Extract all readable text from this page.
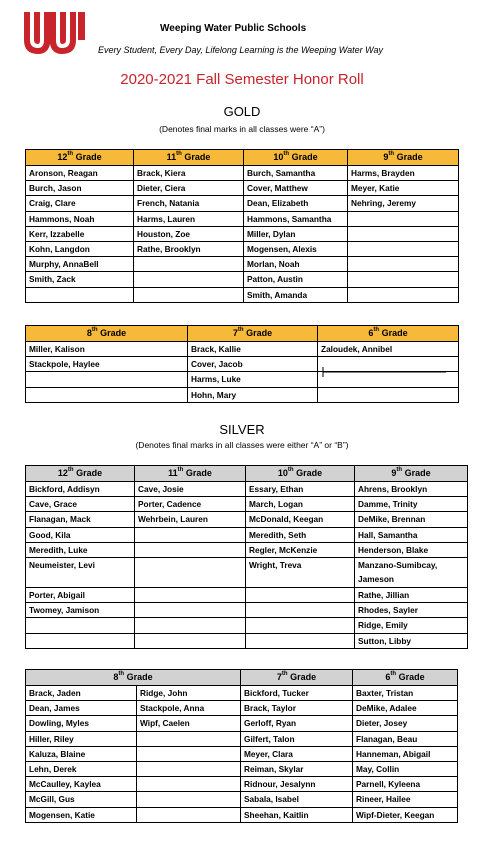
Weeping Water Public Schools
Every Student, Every Day, Lifelong Learning is the Weeping Water Way
2020-2021 Fall Semester Honor Roll
GOLD
(Denotes final marks in all classes were “A”)
12th Grade	11th Grade	10th Grade	9th Grade
Aronson, Reagan	Brack, Kiera	Burch, Samantha	Harms, Brayden
Burch, Jason	Dieter, Ciera	Cover, Matthew	Meyer, Katie
Craig, Clare	French, Natania	Dean, Elizabeth	Nehring, Jeremy
Hammons, Noah	Harms, Lauren	Hammons, Samantha	
Kerr, Izzabelle	Houston, Zoe	Miller, Dylan	
Kohn, Langdon	Rathe, Brooklyn	Mogensen, Alexis	
Murphy, AnnaBell		Morlan, Noah	
Smith, Zack		Patton, Austin	
		Smith, Amanda	
8th Grade	7th Grade	6th Grade
Miller, Kalison	Brack, Kallie	Zaloudek, Annibel
Stackpole, Haylee	Cover, Jacob	
	Harms, Luke	
	Hohn, Mary	
SILVER
(Denotes final marks in all classes were either “A” or “B”)
12th Grade	11th Grade	10th Grade	9th Grade
Bickford, Addisyn	Cave, Josie	Essary, Ethan	Ahrens, Brooklyn
Cave, Grace	Porter, Cadence	March, Logan	Damme, Trinity
Flanagan, Mack	Wehrbein, Lauren	McDonald, Keegan	DeMike, Brennan
Good, Kila		Meredith, Seth	Hall, Samantha
Meredith, Luke		Regler, McKenzie	Henderson, Blake
Neumeister, Levi		Wright, Treva	Manzano-Sumibcay, Jameson
Porter, Abigail			Rathe, Jillian
Twomey, Jamison			Rhodes, Sayler
			Ridge, Emily
			Sutton, Libby
8th Grade		7th Grade	6th Grade
Brack, Jaden	Ridge, John	Bickford, Tucker	Baxter, Tristan
Dean, James	Stackpole, Anna	Brack, Taylor	DeMike, Adalee
Dowling, Myles	Wipf, Caelen	Gerloff, Ryan	Dieter, Josey
Hiller, Riley		Gilfert, Talon	Flanagan, Beau
Kaluza, Blaine		Meyer, Clara	Hanneman, Abigail
Lehn, Derek		Reiman, Skylar	May, Collin
McCaulley, Kaylea		Ridnour, Jesalynn	Parnell, Kyleena
McGill, Gus		Sabala, Isabel	Rineer, Hailee
Mogensen, Katie		Sheehan, Kaitlin	Wipf-Dieter, Keegan
